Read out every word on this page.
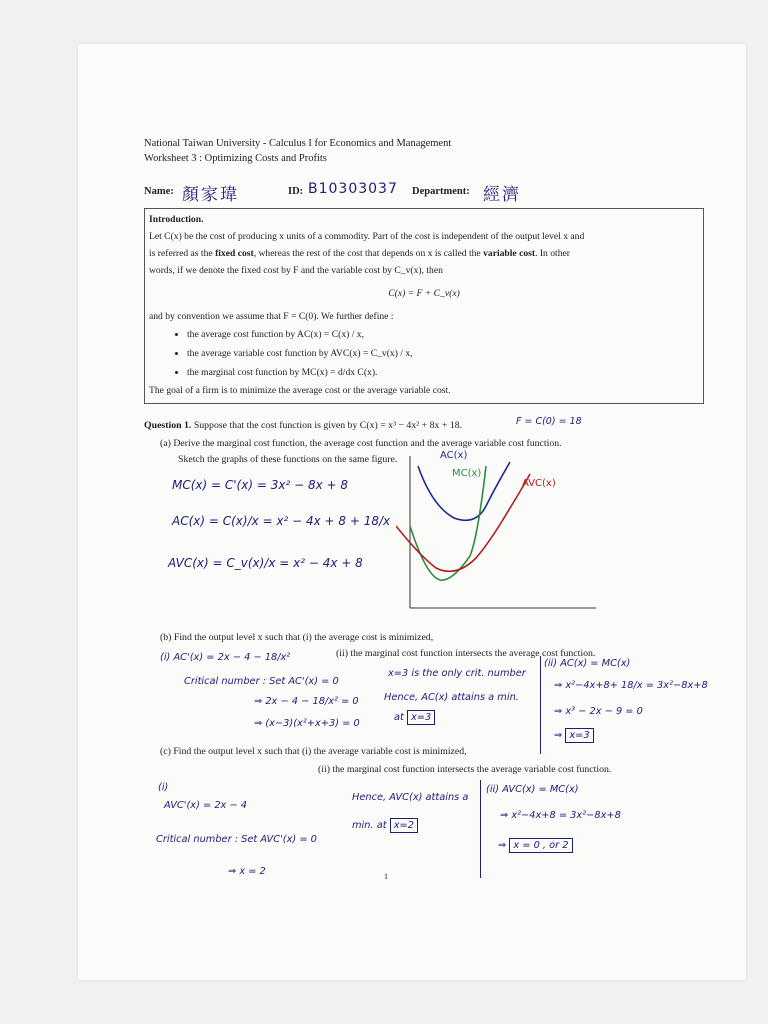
National Taiwan University - Calculus I for Economics and Management
Worksheet 3 : Optimizing Costs and Profits
Name: 顏家瑋	ID: B10303037 Department: 經濟

Introduction.

Let C(x) be the cost of producing x units of a commodity. Part of the cost is independent of the output level x and

is referred as the fixed cost, whereas the rest of the cost that depends on x is called the variable cost. In other

words, if we denote the fixed cost by F and the variable cost by C_v(x), then

C(x) = F + C_v(x)

and by convention we assume that F = C(0). We further define :

• the average cost function by AC(x) = C(x) / x,
• the average variable cost function by AVC(x) = C_v(x) / x,
• the marginal cost function by MC(x) = d/dx C(x).

The goal of a firm is to minimize the average cost or the average variable cost.

Question 1. Suppose that the cost function is given by C(x) = x³ − 4x² + 8x + 18.	F = C(0) = 18
(a) Derive the marginal cost function, the average cost function and the average variable cost function.
Sketch the graphs of these functions on the same figure.
MC(x) = C'(x) = 3x² − 8x + 8
AC(x) = C(x)/x = x² − 4x + 8 + 18/x
AVC(x) = C_v(x)/x = x² − 4x + 8
AC(x)
MC(x)
AVC(x)
(b) Find the output level x such that (i) the average cost is minimized,
(ii) the marginal cost function intersects the average cost function.
(i) AC'(x) = 2x − 4 − 18/x²
Critical number : Set AC'(x) = 0
⇒ 2x − 4 − 18/x² = 0
⇒ (x−3)(x²+x+3) = 0
x=3 is the only crit. number
Hence, AC(x) attains a min.
at x=3
(ii) AC(x) = MC(x)
⇒ x²−4x+8+ 18/x = 3x²−8x+8
⇒ x³ − 2x − 9 = 0
⇒ x=3
(c) Find the output level x such that (i) the average variable cost is minimized,
(ii) the marginal cost function intersects the average variable cost function.
(i)
AVC'(x) = 2x − 4
Critical number : Set AVC'(x) = 0
⇒ x = 2
Hence, AVC(x) attains a
min. at x=2
(ii) AVC(x) = MC(x)
⇒ x²−4x+8 = 3x²−8x+8
⇒ x = 0 , or 2
1
